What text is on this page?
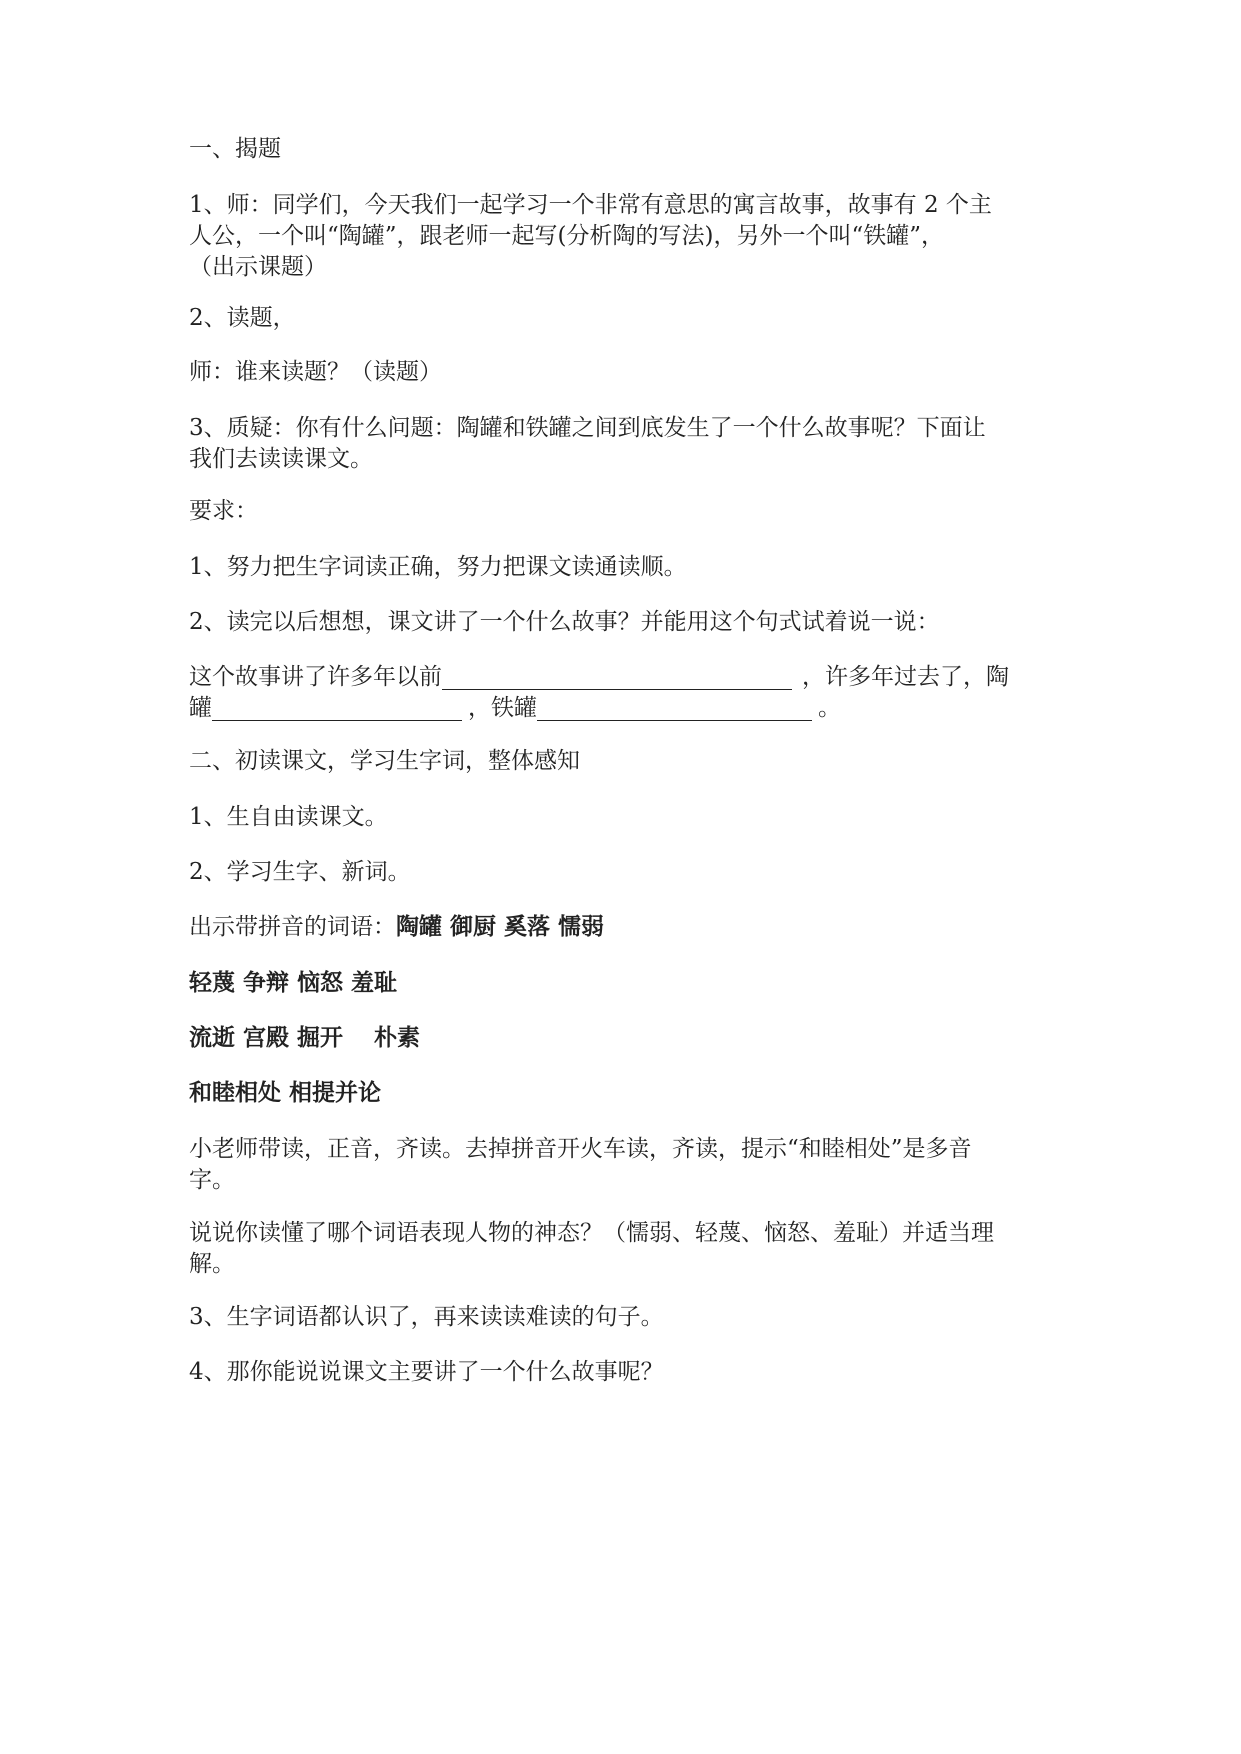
一、揭题

1、师：同学们，今天我们一起学习一个非常有意思的寓言故事，故事有 2 个主

人公，一个叫“陶罐”，跟老师一起写(分析陶的写法)，另外一个叫“铁罐”，

（出示课题）

2、读题，

师：谁来读题？（读题）

3、质疑：你有什么问题：陶罐和铁罐之间到底发生了一个什么故事呢？下面让

我们去读读课文。

要求：

1、努力把生字词读正确，努力把课文读通读顺。

2、读完以后想想，课文讲了一个什么故事？并能用这个句式试着说一说：

这个故事讲了许多年以前	，许多年过去了，陶
罐	，铁罐	。

二、初读课文，学习生字词，整体感知

1、生自由读课文。

2、学习生字、新词。

出示带拼音的词语：陶罐 御厨 奚落 懦弱

轻蔑 争辩 恼怒 羞耻

流逝 宫殿 掘开　 朴素

和睦相处 相提并论

小老师带读，正音，齐读。去掉拼音开火车读，齐读，提示“和睦相处”是多音

字。

说说你读懂了哪个词语表现人物的神态？（懦弱、轻蔑、恼怒、羞耻）并适当理

解。

3、生字词语都认识了，再来读读难读的句子。

4、那你能说说课文主要讲了一个什么故事呢？
